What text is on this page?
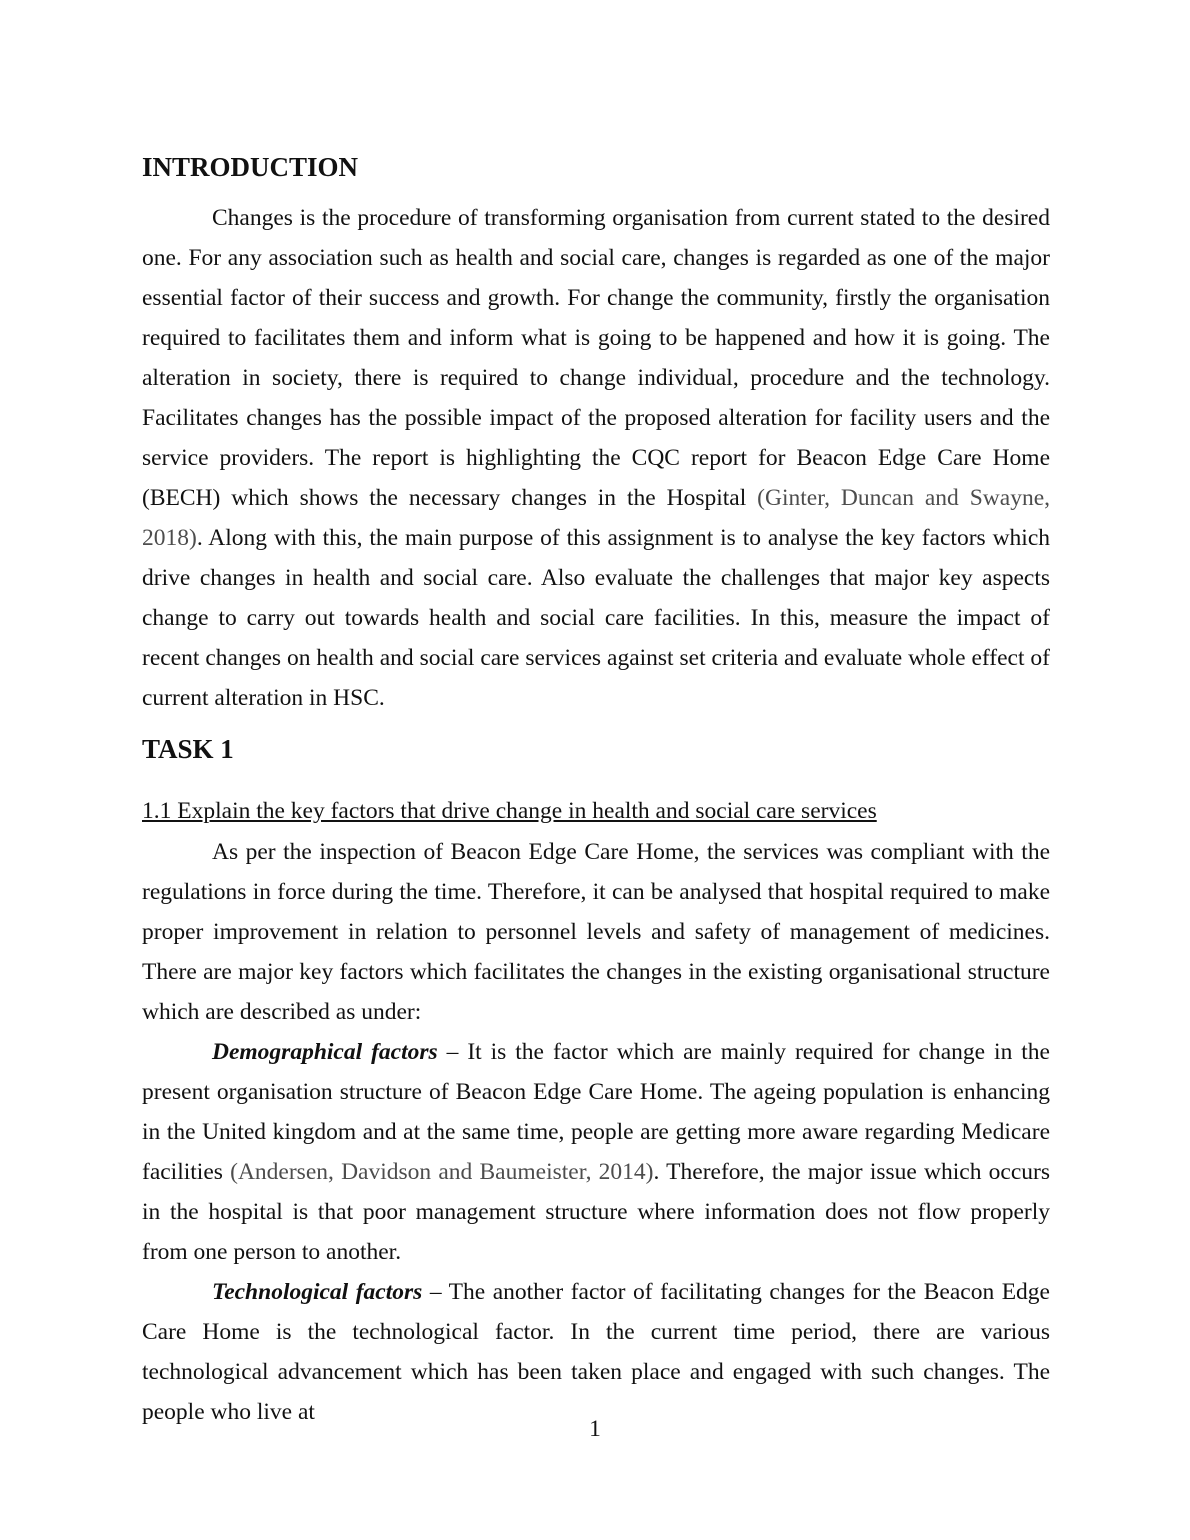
INTRODUCTION

Changes is the procedure of transforming organisation from current stated to the desired one. For any association such as health and social care, changes is regarded as one of the major essential factor of their success and growth. For change the community, firstly the organisation required to facilitates them and inform what is going to be happened and how it is going. The alteration in society, there is required to change individual, procedure and the technology. Facilitates changes has the possible impact of the proposed alteration for facility users and the service providers. The report is highlighting the CQC report for Beacon Edge Care Home (BECH) which shows the necessary changes in the Hospital (Ginter, Duncan and Swayne, 2018). Along with this, the main purpose of this assignment is to analyse the key factors which drive changes in health and social care. Also evaluate the challenges that major key aspects change to carry out towards health and social care facilities. In this, measure the impact of recent changes on health and social care services against set criteria and evaluate whole effect of current alteration in HSC.

TASK 1
1.1 Explain the key factors that drive change in health and social care services

As per the inspection of Beacon Edge Care Home, the services was compliant with the regulations in force during the time. Therefore, it can be analysed that hospital required to make proper improvement in relation to personnel levels and safety of management of medicines. There are major key factors which facilitates the changes in the existing organisational structure which are described as under:

Demographical factors – It is the factor which are mainly required for change in the present organisation structure of Beacon Edge Care Home. The ageing population is enhancing in the United kingdom and at the same time, people are getting more aware regarding Medicare facilities (Andersen, Davidson and Baumeister, 2014). Therefore, the major issue which occurs in the hospital is that poor management structure where information does not flow properly from one person to another.

Technological factors – The another factor of facilitating changes for the Beacon Edge Care Home is the technological factor. In the current time period, there are various technological advancement which has been taken place and engaged with such changes. The people who live at

1
